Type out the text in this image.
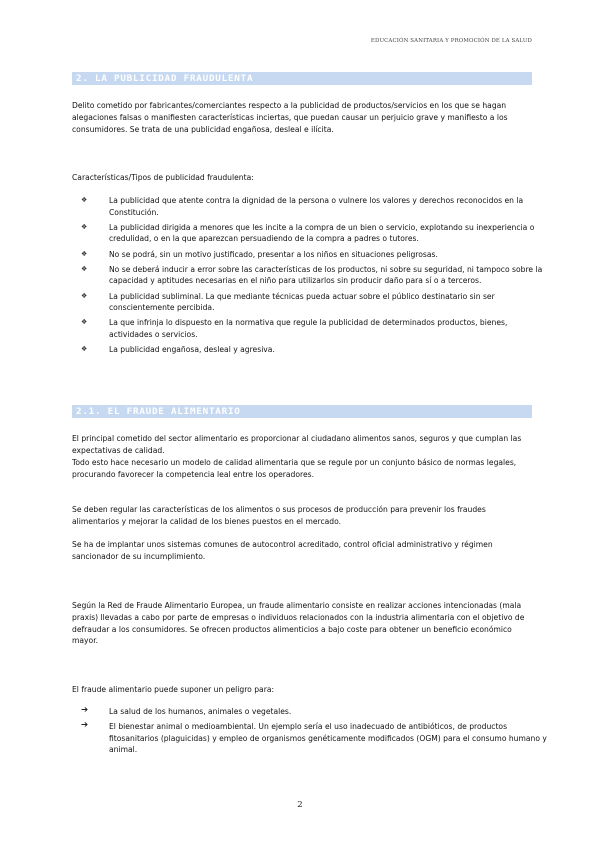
EDUCACIÓN SANITARIA Y PROMOCIÓN DE LA SALUD
2. LA PUBLICIDAD FRAUDULENTA

Delito cometido por fabricantes/comerciantes respecto a la publicidad de productos/servicios en los que se hagan alegaciones falsas o manifiesten características inciertas, que puedan causar un perjuicio grave y manifiesto a los consumidores. Se trata de una publicidad engañosa, desleal e ilícita.

Características/Tipos de publicidad fraudulenta:

❖	La publicidad que atente contra la dignidad de la persona o vulnere los valores y derechos reconocidos en la Constitución.
❖	La publicidad dirigida a menores que les incite a la compra de un bien o servicio, explotando su inexperiencia o credulidad, o en la que aparezcan persuadiendo de la compra a padres o tutores.
❖	No se podrá, sin un motivo justificado, presentar a los niños en situaciones peligrosas.
❖	No se deberá inducir a error sobre las características de los productos, ni sobre su seguridad, ni tampoco sobre la capacidad y aptitudes necesarias en el niño para utilizarlos sin producir daño para sí o a terceros.
❖	La publicidad subliminal. La que mediante técnicas pueda actuar sobre el público destinatario sin ser conscientemente percibida.
❖	La que infrinja lo dispuesto en la normativa que regule la publicidad de determinados productos, bienes, actividades o servicios.
❖	La publicidad engañosa, desleal y agresiva.
2.1. EL FRAUDE ALIMENTARIO

El principal cometido del sector alimentario es proporcionar al ciudadano alimentos sanos, seguros y que cumplan las expectativas de calidad.

Todo esto hace necesario un modelo de calidad alimentaria que se regule por un conjunto básico de normas legales, procurando favorecer la competencia leal entre los operadores.

Se deben regular las características de los alimentos o sus procesos de producción para prevenir los fraudes alimentarios y mejorar la calidad de los bienes puestos en el mercado.

Se ha de implantar unos sistemas comunes de autocontrol acreditado, control oficial administrativo y régimen sancionador de su incumplimiento.

Según la Red de Fraude Alimentario Europea, un fraude alimentario consiste en realizar acciones intencionadas (mala praxis) llevadas a cabo por parte de empresas o individuos relacionados con la industria alimentaria con el objetivo de defraudar a los consumidores. Se ofrecen productos alimenticios a bajo coste para obtener un beneficio económico mayor.

El fraude alimentario puede suponer un peligro para:

➔	La salud de los humanos, animales o vegetales.
➔	El bienestar animal o medioambiental. Un ejemplo sería el uso inadecuado de antibióticos, de productos fitosanitarios (plaguicidas) y empleo de organismos genéticamente modificados (OGM) para el consumo humano y animal.
2
